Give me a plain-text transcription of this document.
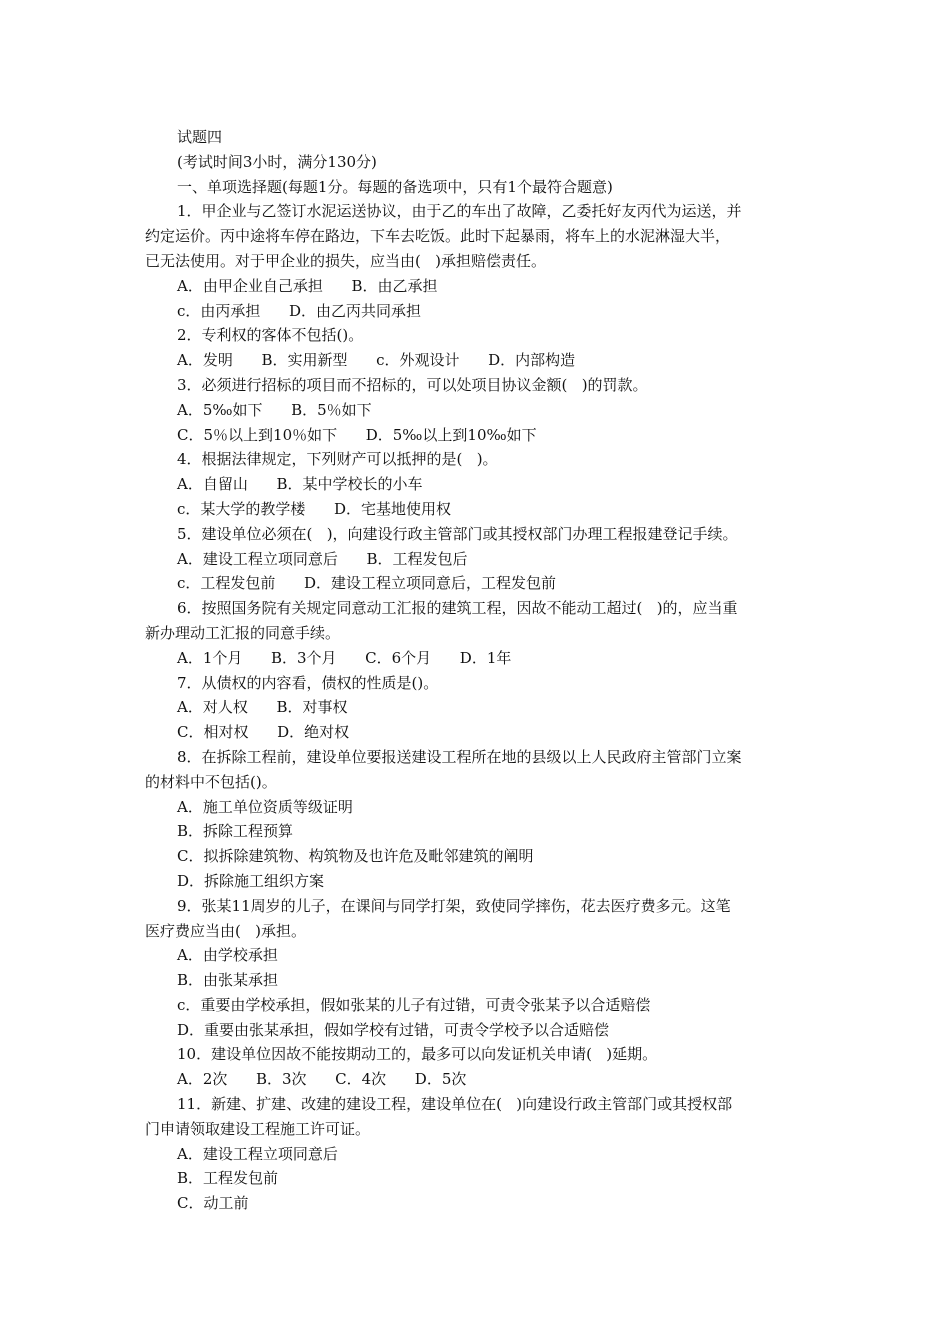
试题四
(考试时间3小时，满分130分)
一、单项选择题(每题1分。每题的备选项中，只有1个最符合题意)
1．甲企业与乙签订水泥运送协议，由于乙的车出了故障，乙委托好友丙代为运送，并
约定运价。丙中途将车停在路边，下车去吃饭。此时下起暴雨，将车上的水泥淋湿大半，
已无法使用。对于甲企业的损失，应当由(   )承担赔偿责任。
A．由甲企业自己承担      B．由乙承担
c．由丙承担      D．由乙丙共同承担
2．专利权的客体不包括()。
A．发明      B．实用新型      c．外观设计      D．内部构造
3．必须进行招标的项目而不招标的，可以处项目协议金额(   )的罚款。
A．5‰如下      B．5％如下
C．5％以上到10％如下      D．5‰以上到10‰如下
4．根据法律规定，下列财产可以抵押的是(   )。
A．自留山      B．某中学校长的小车
c．某大学的教学楼      D．宅基地使用权
5．建设单位必须在(   )，向建设行政主管部门或其授权部门办理工程报建登记手续。
A．建设工程立项同意后      B．工程发包后
c．工程发包前      D．建设工程立项同意后，工程发包前
6．按照国务院有关规定同意动工汇报的建筑工程，因故不能动工超过(   )的，应当重
新办理动工汇报的同意手续。
A．1个月      B．3个月      C．6个月      D．1年
7．从债权的内容看，债权的性质是()。
A．对人权      B．对事权
C．相对权      D．绝对权
8．在拆除工程前，建设单位要报送建设工程所在地的县级以上人民政府主管部门立案
的材料中不包括()。
A．施工单位资质等级证明
B．拆除工程预算
C．拟拆除建筑物、构筑物及也许危及毗邻建筑的阐明
D．拆除施工组织方案
9．张某11周岁的儿子，在课间与同学打架，致使同学摔伤，花去医疗费多元。这笔
医疗费应当由(   )承担。
A．由学校承担
B．由张某承担
c．重要由学校承担，假如张某的儿子有过错，可责令张某予以合适赔偿
D．重要由张某承担，假如学校有过错，可责令学校予以合适赔偿
10．建设单位因故不能按期动工的，最多可以向发证机关申请(   )延期。
A．2次      B．3次      C．4次      D．5次
11．新建、扩建、改建的建设工程，建设单位在(   )向建设行政主管部门或其授权部
门申请领取建设工程施工许可证。
A．建设工程立项同意后
B．工程发包前
C．动工前
